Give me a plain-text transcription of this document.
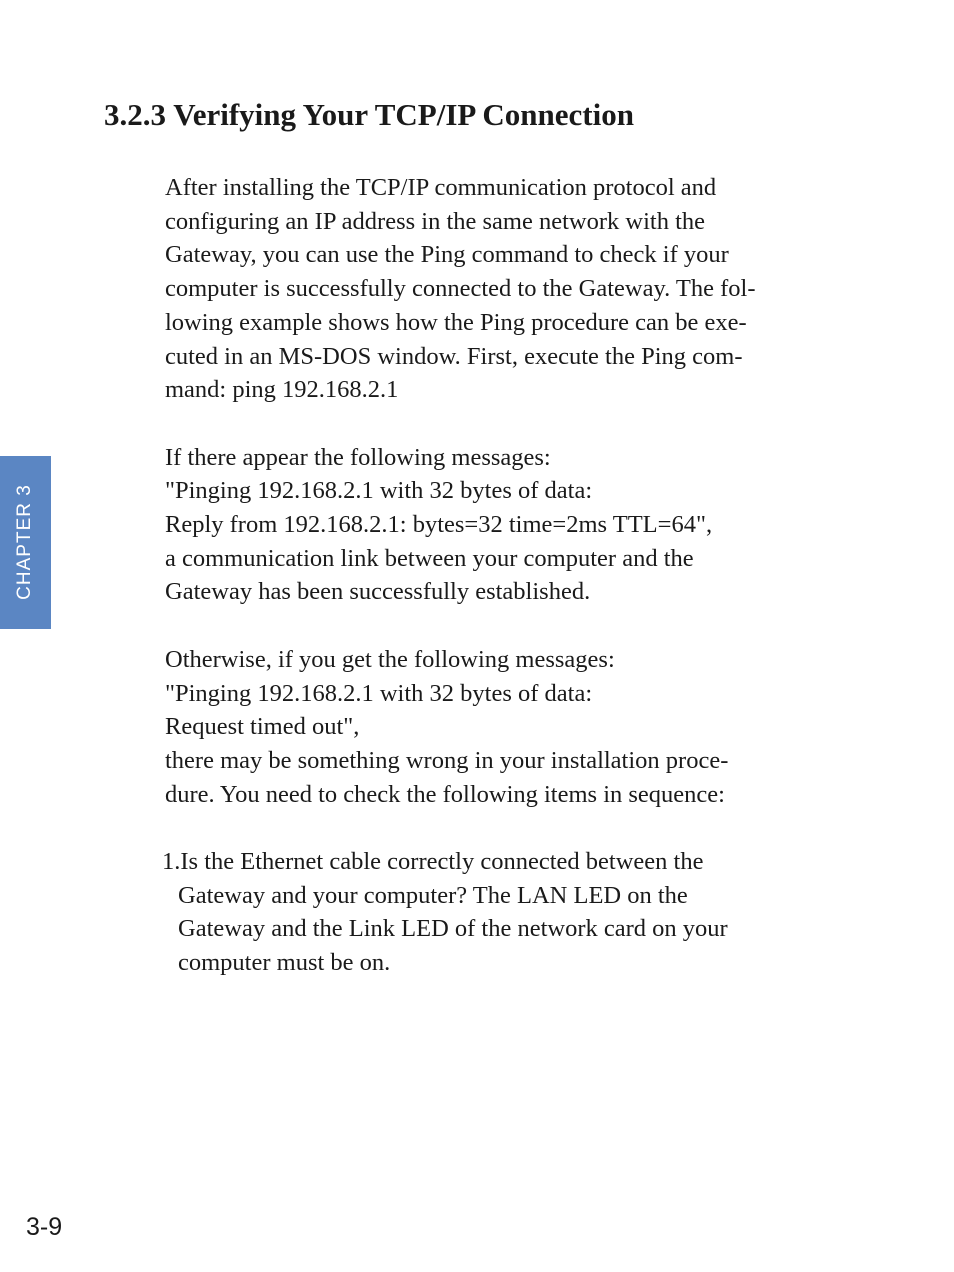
CHAPTER 3
3.2.3 Verifying Your TCP/IP Connection
After installing the TCP/IP communication protocol and
configuring an IP address in the same network with the
Gateway, you can use the Ping command to check if your
computer is successfully connected to the Gateway. The fol-
lowing example shows how the Ping procedure can be exe-
cuted in an MS-DOS window. First, execute the Ping com-
mand: ping 192.168.2.1
If there appear the following messages:
"Pinging 192.168.2.1 with 32 bytes of data:
Reply from 192.168.2.1: bytes=32 time=2ms TTL=64",
a communication link between your computer and the
Gateway has been successfully established.
Otherwise, if you get the following messages:
"Pinging 192.168.2.1 with 32 bytes of data:
Request timed out",
there may be something wrong in your installation proce-
dure. You need to check the following items in sequence:
1.Is the Ethernet cable correctly connected between the
Gateway and your computer? The LAN LED on the
Gateway and the Link LED of the network card on your
computer must be on.
3-9
